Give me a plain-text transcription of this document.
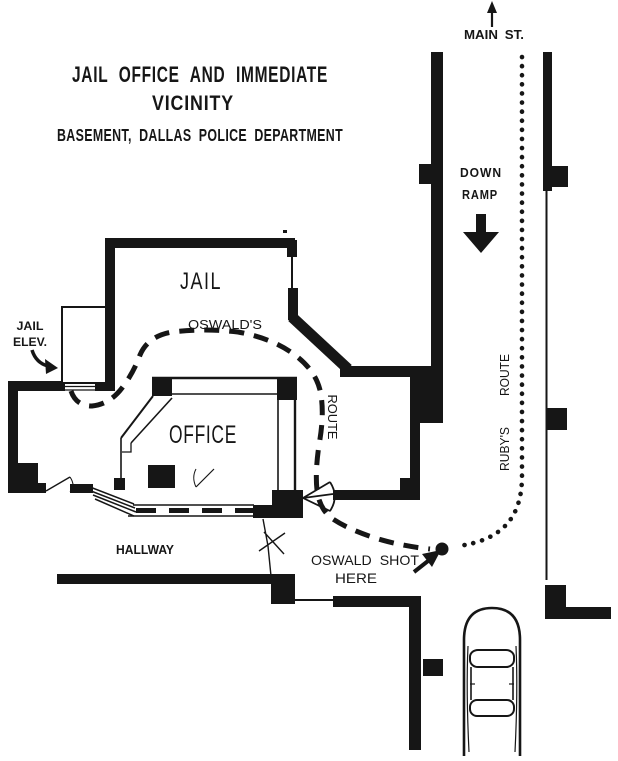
JAIL OFFICE AND IMMEDIATE
VICINITY
BASEMENT, DALLAS POLICE DEPARTMENT
MAIN ST.
DOWN
RAMP
JAIL
OSWALD'S
ROUTE
OFFICE
HALLWAY
OSWALD SHOT
HERE
RUBY'S
ROUTE
JAIL
ELEV.
